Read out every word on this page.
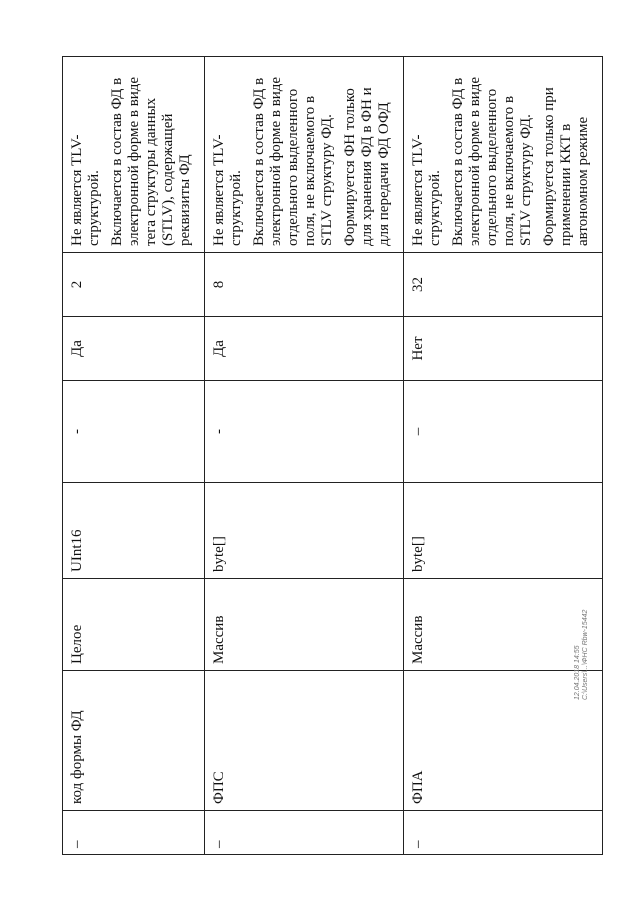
–	код формы ФД	Целое	UInt16	-	Да	2	Не является TLV-структурой. Включается в состав ФД в электронной форме в виде тега структуры данных (STLV), содержащей реквизиты ФД

–	ФПС	Массив	byte[]	-	Да	8	Не является TLV-структурой. Включается в состав ФД в электронной форме в виде отдельного выделенного поля, не включаемого в STLV структуру ФД. Формируется ФН только для хранения ФД в ФН и для передачи ФД ОФД

–	ФПА	Массив	byte[]	–	Нет	32	Не является TLV-структурой. Включается в состав ФД в электронной форме в виде отдельного выделенного поля, не включаемого в STLV структуру ФД. Формируется только при применении ККТ в автономном режиме

12.04.2018 14:55 С:\Users\...\ФНС Rbw-15442
